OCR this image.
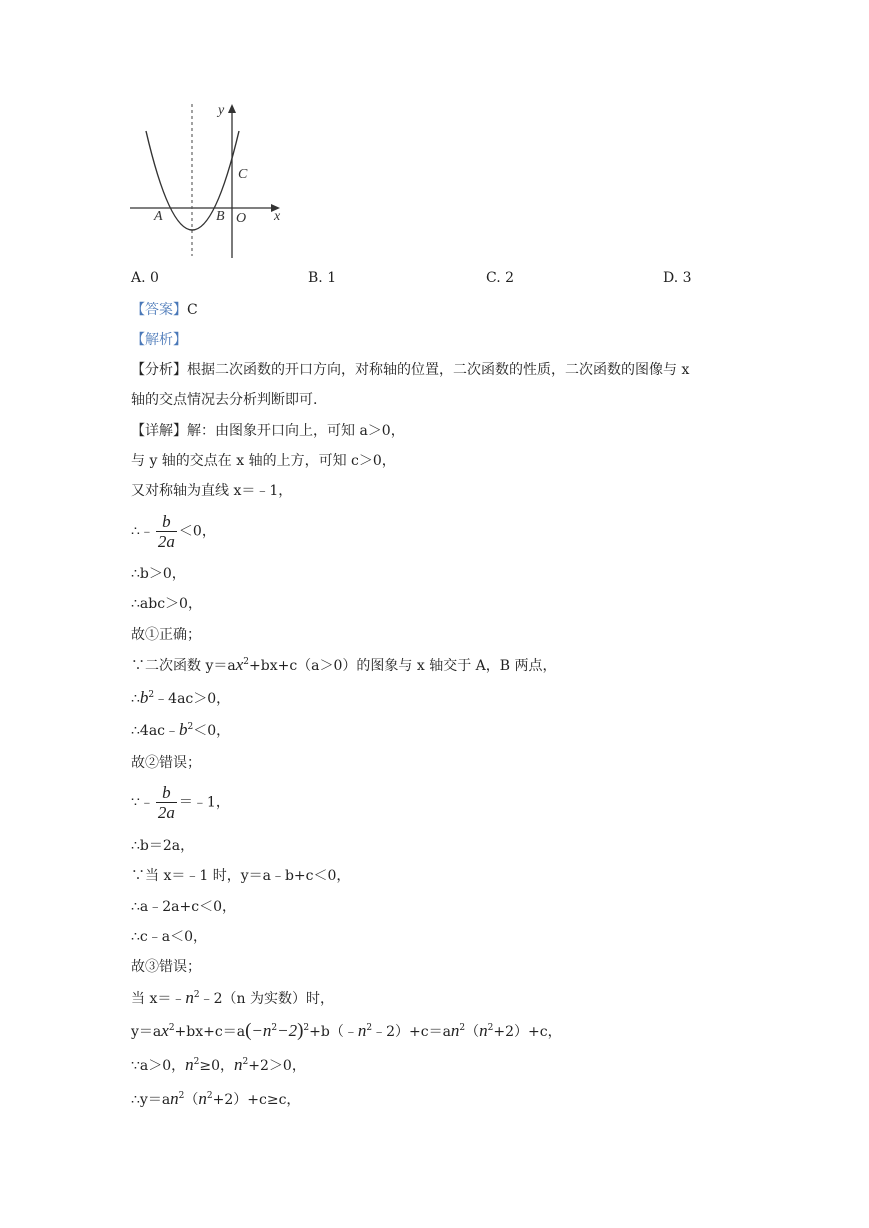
y
x
A	B O
C
A. 0	B. 1	C. 2	D. 3
【答案】C
【解析】
【分析】根据二次函数的开口方向，对称轴的位置，二次函数的性质，二次函数的图像与 x
轴的交点情况去分析判断即可.
【详解】解：由图象开口向上，可知 a＞0，
与 y 轴的交点在 x 轴的上方，可知 c＞0，
又对称轴为直线 x＝﹣1，
∴﹣ $\frac{b}{2a} <0$，
∴b＞0，
∴abc＞0，
故①正确；
∵二次函数 $y=ax^2+bx+c(a>0)$的图象与 x 轴交于 A，B 两点，
$\therefore b^2﹣4ac>0$，
$\therefore 4ac﹣b^2<0$，
故②错误；
∵﹣ $\frac{b}{2a}$ ＝﹣1，
∴b＝2a，
∵当 x＝﹣1 时，y＝a﹣b+c＜0，
∴a﹣2a+c＜0，
∴c﹣a＜0，
故③错误；
当 $x=﹣n^2﹣2(n$ 为实数）时，
$y=ax^2+bx+c=a(-n^2-2)^2+b(﹣n^2﹣2)+c=an^2(n^2+2)+c$，
∵a＞0，$n^2\ge 0$，$n^2+2>0$，
$\therefore y=an^2(n^2+2)+c\ge c$，
